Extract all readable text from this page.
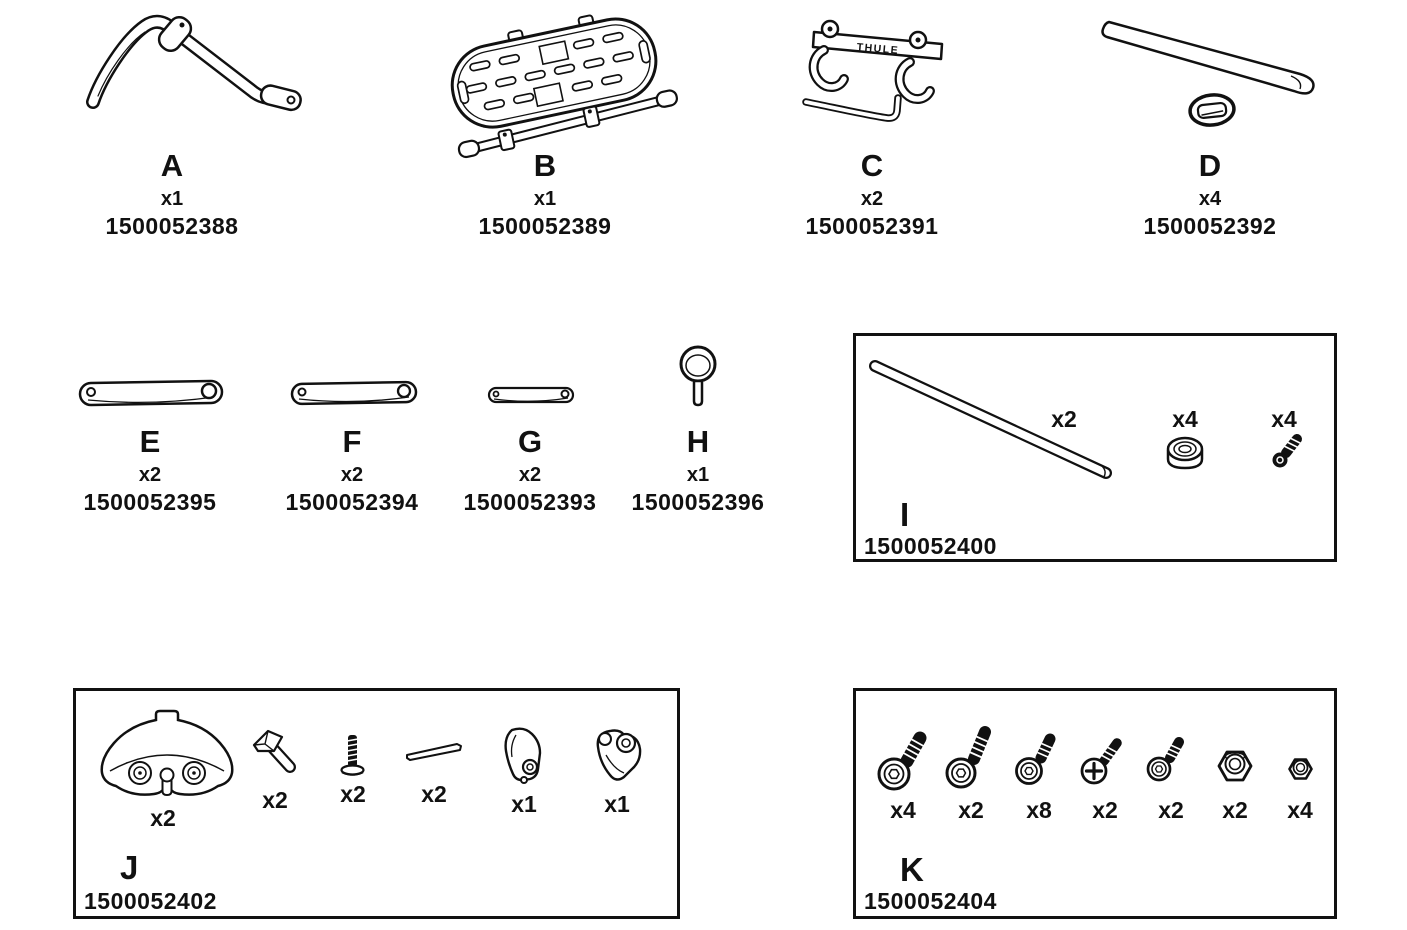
THULE
A
x1
1500052388
B
x1
1500052389
C
x2
1500052391
D
x4
1500052392
E
x2
1500052395
F
x2
1500052394
G
x2
1500052393
H
x1
1500052396
x2	x4	x4
I
1500052400
x2
x2	x2	x2	x1	x1
J
1500052402
x4	x2	x8	x2	x2	x2	x4
K
1500052404
